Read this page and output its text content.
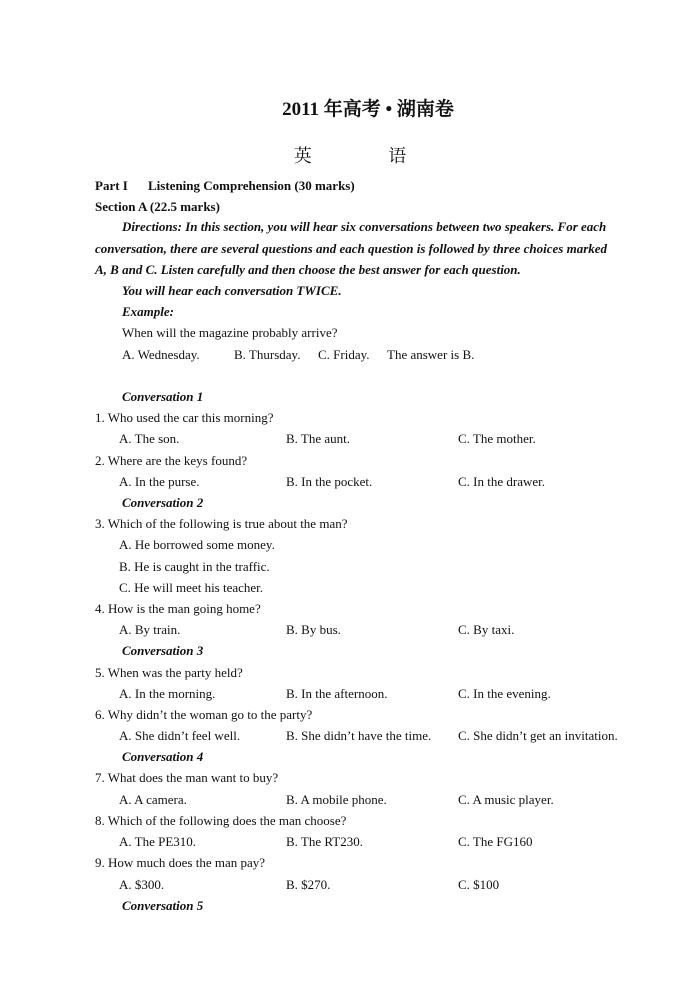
2011 年高考 • 湖南卷
英 语
Part I Listening Comprehension (30 marks)
Section A (22.5 marks)
Directions: In this section, you will hear six conversations between two speakers. For each
conversation, there are several questions and each question is followed by three choices marked
A, B and C. Listen carefully and then choose the best answer for each question.
You will hear each conversation TWICE.
Example:
When will the magazine probably arrive?
A. Wednesday.	B. Thursday. C. Friday. The answer is B.
Conversation 1
1. Who used the car this morning?
A. The son.	B. The aunt.	C. The mother.
2. Where are the keys found?
A. In the purse.	B. In the pocket.	C. In the drawer.
Conversation 2
3. Which of the following is true about the man?
A. He borrowed some money.
B. He is caught in the traffic.
C. He will meet his teacher.
4. How is the man going home?
A. By train.	B. By bus.	C. By taxi.
Conversation 3
5. When was the party held?
A. In the morning.	B. In the afternoon.	C. In the evening.
6. Why didn’t the woman go to the party?
A. She didn’t feel well.	B. She didn’t have the time. C. She didn’t get an invitation.
Conversation 4
7. What does the man want to buy?
A. A camera.	B. A mobile phone.	C. A music player.
8. Which of the following does the man choose?
A. The PE310.	B. The RT230.	C. The FG160
9. How much does the man pay?
A. $300.	B. $270.	C. $100
Conversation 5
